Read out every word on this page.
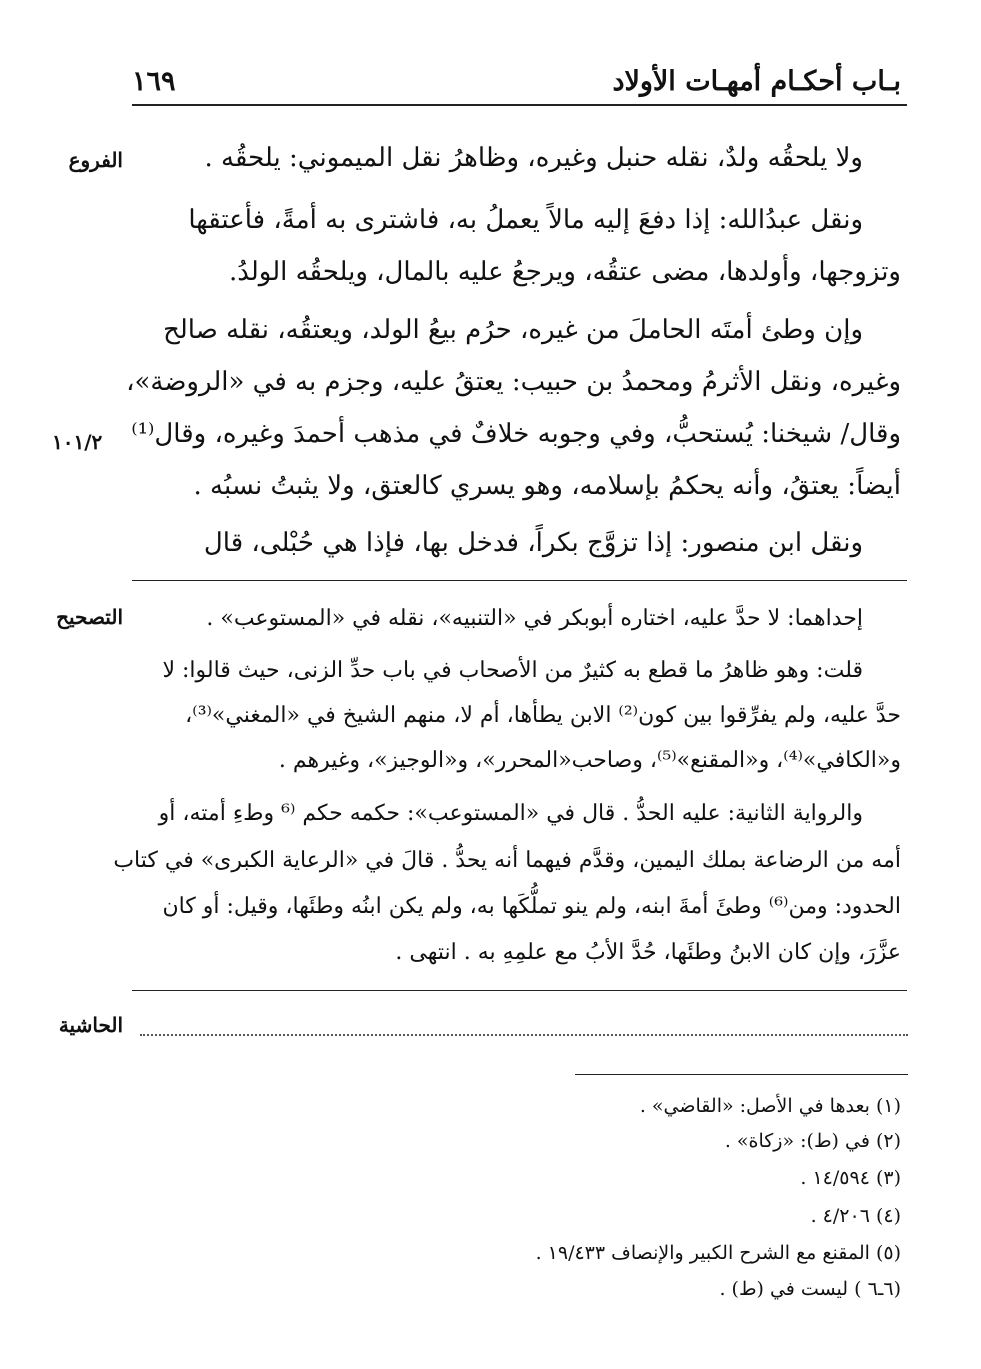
بـاب أحكـام أمهـات الأولاد
١٦٩
الفروع
١٠١/٢
التصحيح
الحاشية
ولا يلحقُه ولدٌ، نقله حنبل وغيره، وظاهرُ نقل الميموني: يلحقُه .
ونقل عبدُالله: إذا دفعَ إليه مالاً يعملُ به، فاشترى به أمةً، فأعتقها
وتزوجها، وأولدها، مضى عتقُه، ويرجعُ عليه بالمال، ويلحقُه الولدُ.
وإن وطئ أمتَه الحاملَ من غيره، حرُم بيعُ الولد، ويعتقُه، نقله صالح
وغيره، ونقل الأثرمُ ومحمدُ بن حبيب: يعتقُ عليه، وجزم به في «الروضة»،
وقال/ شيخنا: يُستحبُّ، وفي وجوبه خلافٌ في مذهب أحمدَ وغيره، وقال⁽¹⁾
أيضاً: يعتقُ، وأنه يحكمُ بإسلامه، وهو يسري كالعتق، ولا يثبتُ نسبُه .
ونقل ابن منصور: إذا تزوَّج بكراً، فدخل بها، فإذا هي حُبْلى، قال
إحداهما: لا حدَّ عليه، اختاره أبوبكر في «التنبيه»، نقله في «المستوعب» .
قلت: وهو ظاهرُ ما قطع به كثيرٌ من الأصحاب في باب حدِّ الزنى، حيث قالوا: لا
حدَّ عليه، ولم يفرِّقوا بين كون⁽²⁾ الابن يطأها، أم لا، منهم الشيخ في «المغني»⁽³⁾،
و«الكافي»⁽⁴⁾، و«المقنع»⁽⁵⁾، وصاحب«المحرر»، و«الوجيز»، وغيرهم .
والرواية الثانية: عليه الحدُّ . قال في «المستوعب»: حكمه حكم ⁽⁶ وطءِ أمته، أو
أمه من الرضاعة بملك اليمين، وقدَّم فيهما أنه يحدُّ . قالَ في «الرعاية الكبرى» في كتاب
الحدود: ومن⁽⁶⁾ وطئَ أمةَ ابنه، ولم ينو تملُّكَها به، ولم يكن ابنُه وطئَها، وقيل: أو كان
عزَّرَ، وإن كان الابنُ وطئَها، حُدَّ الأبُ مع علمِهِ به . انتهى .
(١) بعدها في الأصل: «القاضي» .
(٢) في (ط): «زكاة» .
(٣) ١٤/٥٩٤ .
(٤) ٤/٢٠٦ .
(٥) المقنع مع الشرح الكبير والإنصاف ١٩/٤٣٣ .
(٦ـ٦ ) ليست في (ط) .
